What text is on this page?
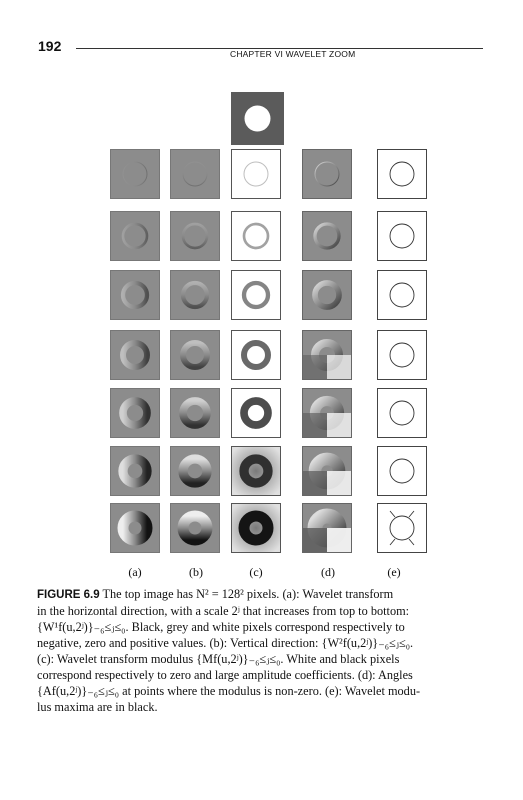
192	CHAPTER VI WAVELET ZOOM
(a)	(b)	(c)	(d)	(e)
FIGURE 6.9 The top image has N² = 128² pixels. (a): Wavelet transform
in the horizontal direction, with a scale 2ʲ that increases from top to bottom:
{W¹f(u,2ʲ)}₋₆≤ⱼ≤₀. Black, grey and white pixels correspond respectively to
negative, zero and positive values. (b): Vertical direction: {W²f(u,2ʲ)}₋₆≤ⱼ≤₀.
(c): Wavelet transform modulus {Mf(u,2ʲ)}₋₆≤ⱼ≤₀. White and black pixels
correspond respectively to zero and large amplitude coefficients. (d): Angles
{Af(u,2ʲ)}₋₆≤ⱼ≤₀ at points where the modulus is non-zero. (e): Wavelet modu-
lus maxima are in black.
